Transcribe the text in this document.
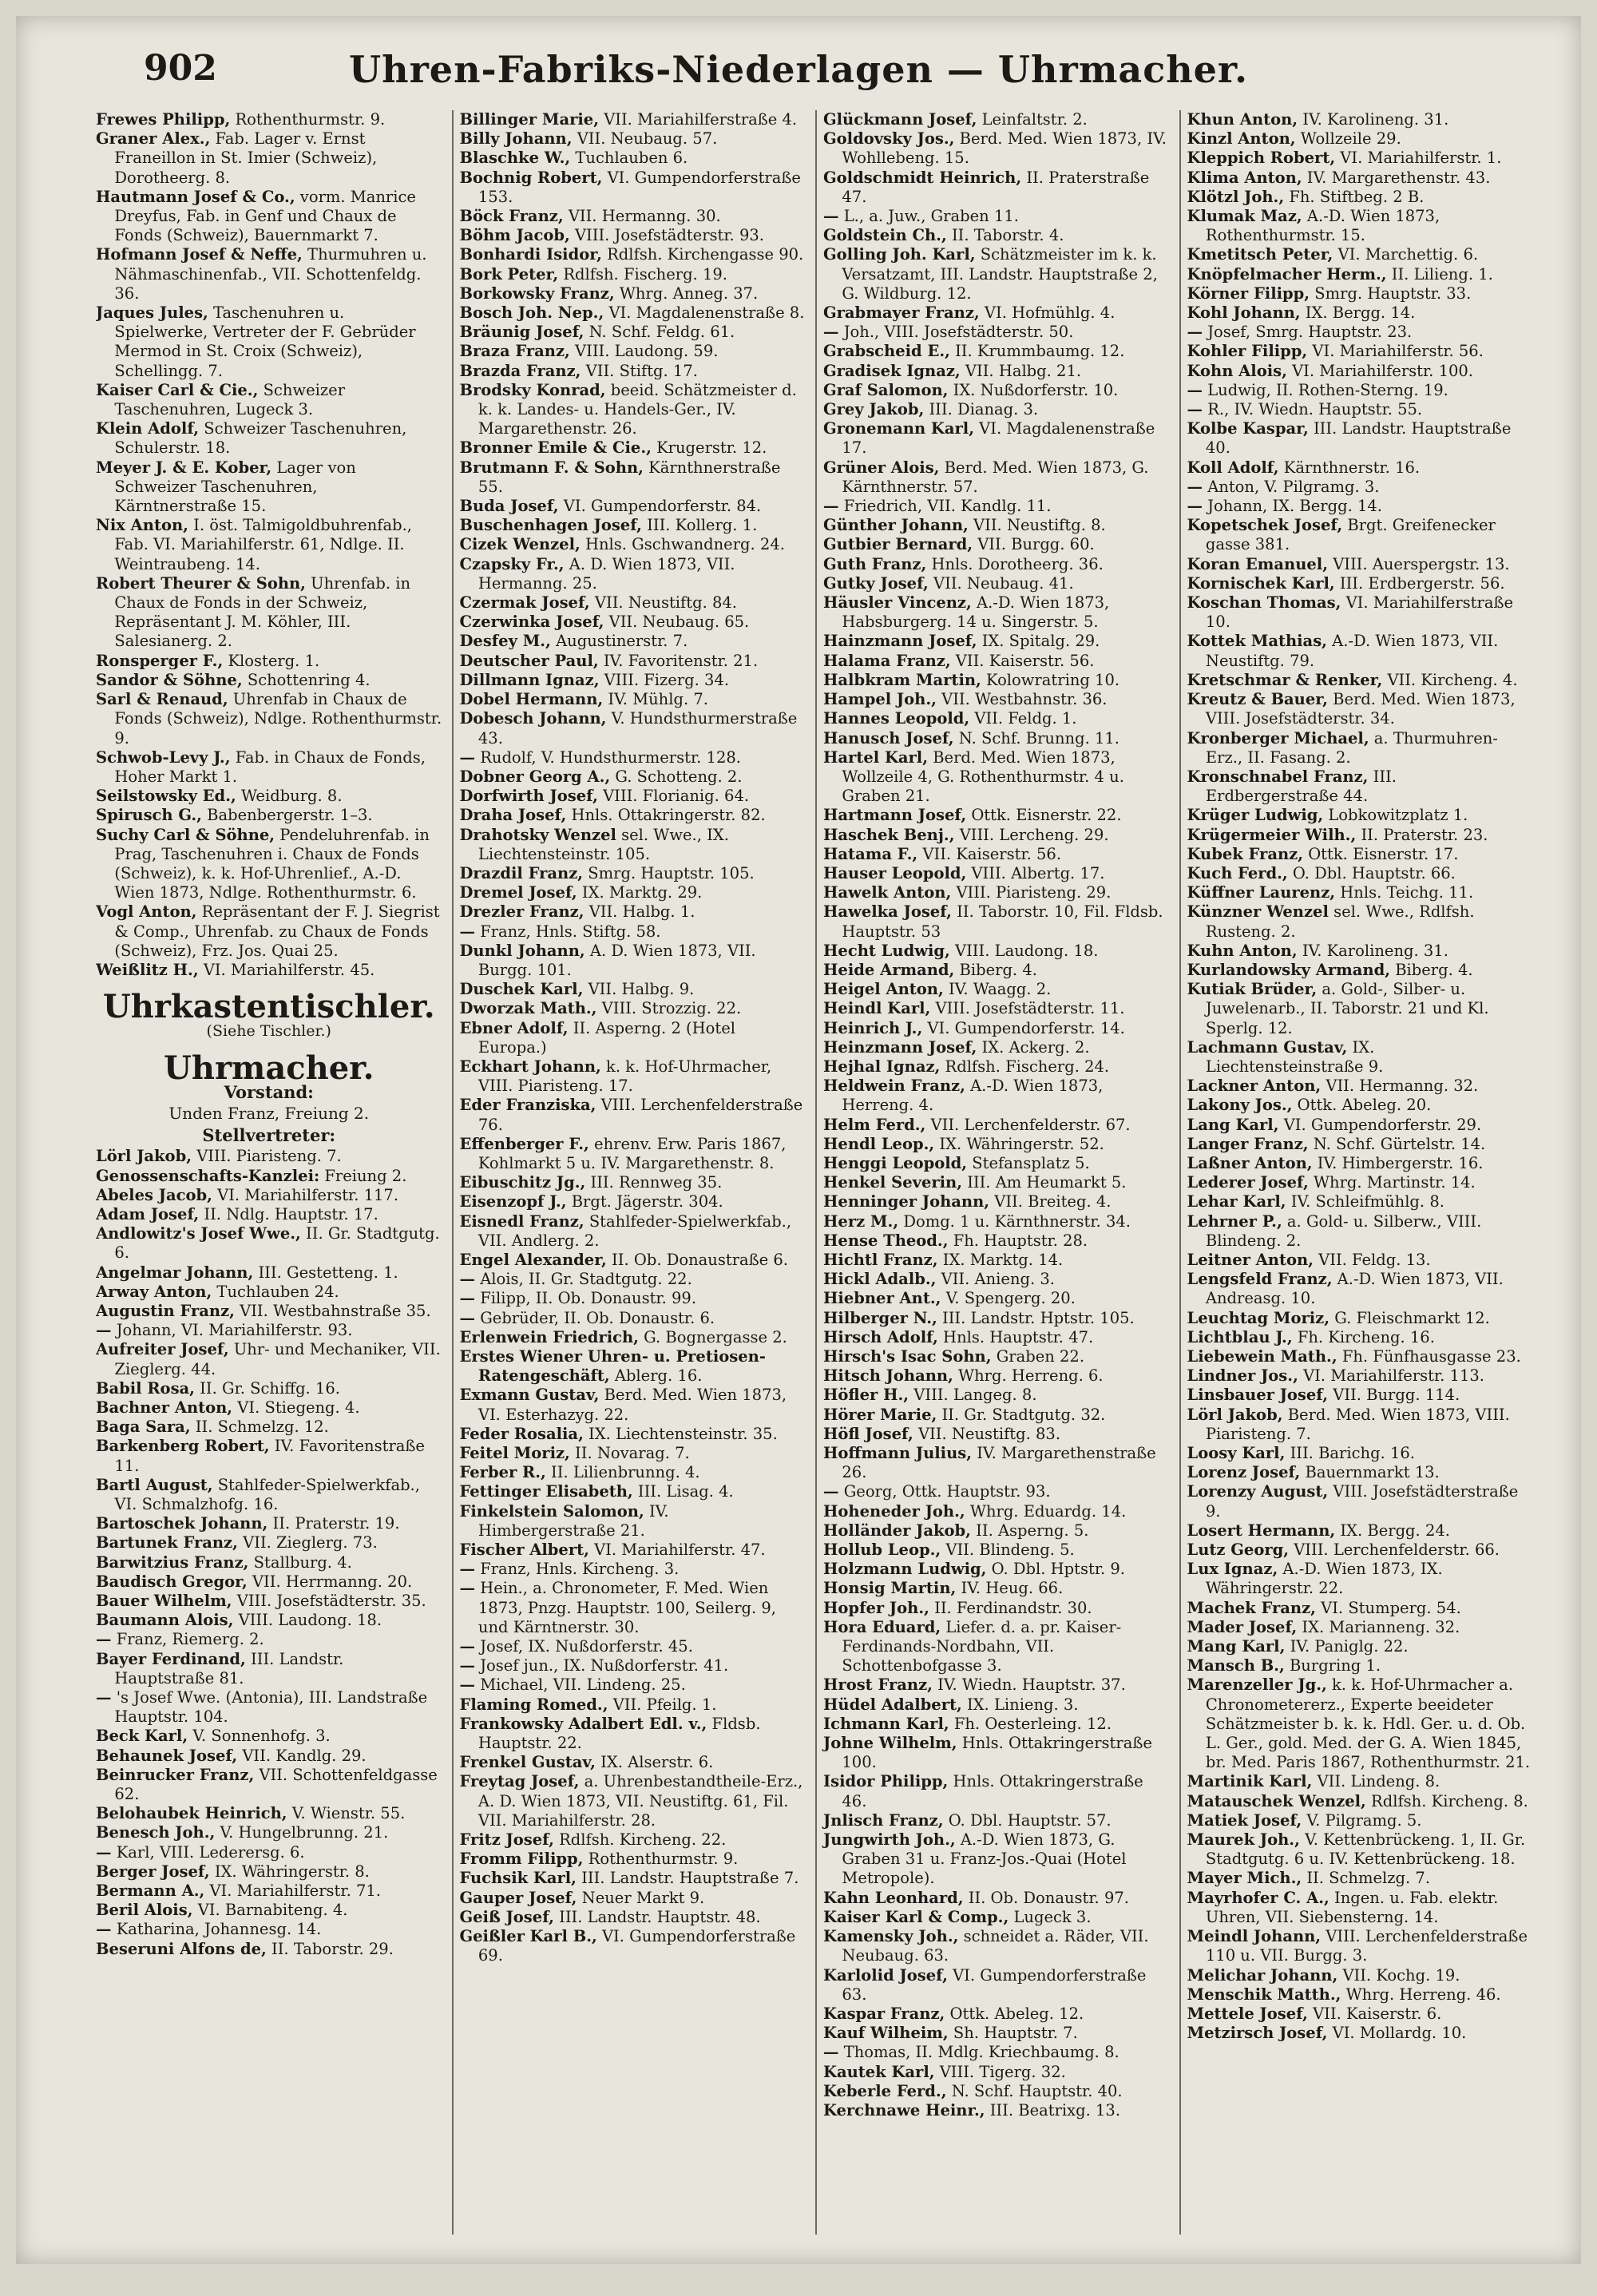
902	Uhren-Fabriks-Niederlagen — Uhrmacher.

Frewes Philipp, Rothenthurmstr. 9.

Graner Alex., Fab. Lager v. Ernst Franeillon in St. Imier (Schweiz), Dorotheerg. 8.

Hautmann Josef & Co., vorm. Manrice Dreyfus, Fab. in Genf und Chaux de Fonds (Schweiz), Bauernmarkt 7.

Hofmann Josef & Neffe, Thurmuhren u. Nähmaschinenfab., VII. Schottenfeldg. 36.

Jaques Jules, Taschenuhren u. Spielwerke, Vertreter der F. Gebrüder Mermod in St. Croix (Schweiz), Schellingg. 7.

Kaiser Carl & Cie., Schweizer Taschenuhren, Lugeck 3.

Klein Adolf, Schweizer Taschenuhren, Schulerstr. 18.

Meyer J. & E. Kober, Lager von Schweizer Taschenuhren, Kärntnerstraße 15.

Nix Anton, I. öst. Talmigoldbuhrenfab., Fab. VI. Mariahilferstr. 61, Ndlge. II. Weintraubeng. 14.

Robert Theurer & Sohn, Uhrenfab. in Chaux de Fonds in der Schweiz, Repräsentant J. M. Köhler, III. Salesianerg. 2.

Ronsperger F., Klosterg. 1.

Sandor & Söhne, Schottenring 4.

Sarl & Renaud, Uhrenfab in Chaux de Fonds (Schweiz), Ndlge. Rothenthurmstr. 9.

Schwob-Levy J., Fab. in Chaux de Fonds, Hoher Markt 1.

Seilstowsky Ed., Weidburg. 8.

Spirusch G., Babenbergerstr. 1–3.

Suchy Carl & Söhne, Pendeluhrenfab. in Prag, Taschenuhren i. Chaux de Fonds (Schweiz), k. k. Hof-Uhrenlief., A.-D. Wien 1873, Ndlge. Rothenthurmstr. 6.

Vogl Anton, Repräsentant der F. J. Siegrist & Comp., Uhrenfab. zu Chaux de Fonds (Schweiz), Frz. Jos. Quai 25.

Weißlitz H., VI. Mariahilferstr. 45.

Uhrkastentischler.
(Siehe Tischler.)
Uhrmacher.
Vorstand:
Unden Franz, Freiung 2.
Stellvertreter:

Lörl Jakob, VIII. Piaristeng. 7.

Genossenschafts-Kanzlei: Freiung 2.

Abeles Jacob, VI. Mariahilferstr. 117.

Adam Josef, II. Ndlg. Hauptstr. 17.

Andlowitz's Josef Wwe., II. Gr. Stadtgutg. 6.

Angelmar Johann, III. Gestetteng. 1.

Arway Anton, Tuchlauben 24.

Augustin Franz, VII. Westbahnstraße 35.

— Johann, VI. Mariahilferstr. 93.

Aufreiter Josef, Uhr- und Mechaniker, VII. Zieglerg. 44.

Babil Rosa, II. Gr. Schiffg. 16.

Bachner Anton, VI. Stiegeng. 4.

Baga Sara, II. Schmelzg. 12.

Barkenberg Robert, IV. Favoritenstraße 11.

Bartl August, Stahlfeder-Spielwerkfab., VI. Schmalzhofg. 16.

Bartoschek Johann, II. Praterstr. 19.

Bartunek Franz, VII. Zieglerg. 73.

Barwitzius Franz, Stallburg. 4.

Baudisch Gregor, VII. Herrmanng. 20.

Bauer Wilhelm, VIII. Josefstädterstr. 35.

Baumann Alois, VIII. Laudong. 18.

— Franz, Riemerg. 2.

Bayer Ferdinand, III. Landstr. Hauptstraße 81.

— 's Josef Wwe. (Antonia), III. Landstraße Hauptstr. 104.

Beck Karl, V. Sonnenhofg. 3.

Behaunek Josef, VII. Kandlg. 29.

Beinrucker Franz, VII. Schottenfeldgasse 62.

Belohaubek Heinrich, V. Wienstr. 55.

Benesch Joh., V. Hungelbrunng. 21.

— Karl, VIII. Lederersg. 6.

Berger Josef, IX. Währingerstr. 8.

Bermann A., VI. Mariahilferstr. 71.

Beril Alois, VI. Barnabiteng. 4.

— Katharina, Johannesg. 14.

Beseruni Alfons de, II. Taborstr. 29.

Billinger Marie, VII. Mariahilferstraße 4.

Billy Johann, VII. Neubaug. 57.

Blaschke W., Tuchlauben 6.

Bochnig Robert, VI. Gumpendorferstraße 153.

Böck Franz, VII. Hermanng. 30.

Böhm Jacob, VIII. Josefstädterstr. 93.

Bonhardi Isidor, Rdlfsh. Kirchengasse 90.

Bork Peter, Rdlfsh. Fischerg. 19.

Borkowsky Franz, Whrg. Anneg. 37.

Bosch Joh. Nep., VI. Magdalenenstraße 8.

Bräunig Josef, N. Schf. Feldg. 61.

Braza Franz, VIII. Laudong. 59.

Brazda Franz, VII. Stiftg. 17.

Brodsky Konrad, beeid. Schätzmeister d. k. k. Landes- u. Handels-Ger., IV. Margarethenstr. 26.

Bronner Emile & Cie., Krugerstr. 12.

Brutmann F. & Sohn, Kärnthnerstraße 55.

Buda Josef, VI. Gumpendorferstr. 84.

Buschenhagen Josef, III. Kollerg. 1.

Cizek Wenzel, Hnls. Gschwandnerg. 24.

Czapsky Fr., A. D. Wien 1873, VII. Hermanng. 25.

Czermak Josef, VII. Neustiftg. 84.

Czerwinka Josef, VII. Neubaug. 65.

Desfey M., Augustinerstr. 7.

Deutscher Paul, IV. Favoritenstr. 21.

Dillmann Ignaz, VIII. Fizerg. 34.

Dobel Hermann, IV. Mühlg. 7.

Dobesch Johann, V. Hundsthurmerstraße 43.

— Rudolf, V. Hundsthurmerstr. 128.

Dobner Georg A., G. Schotteng. 2.

Dorfwirth Josef, VIII. Florianig. 64.

Draha Josef, Hnls. Ottakringerstr. 82.

Drahotsky Wenzel sel. Wwe., IX. Liechtensteinstr. 105.

Drazdil Franz, Smrg. Hauptstr. 105.

Dremel Josef, IX. Marktg. 29.

Drezler Franz, VII. Halbg. 1.

— Franz, Hnls. Stiftg. 58.

Dunkl Johann, A. D. Wien 1873, VII. Burgg. 101.

Duschek Karl, VII. Halbg. 9.

Dworzak Math., VIII. Strozzig. 22.

Ebner Adolf, II. Asperng. 2 (Hotel Europa.)

Eckhart Johann, k. k. Hof-Uhrmacher, VIII. Piaristeng. 17.

Eder Franziska, VIII. Lerchenfelderstraße 76.

Effenberger F., ehrenv. Erw. Paris 1867, Kohlmarkt 5 u. IV. Margarethenstr. 8.

Eibuschitz Jg., III. Rennweg 35.

Eisenzopf J., Brgt. Jägerstr. 304.

Eisnedl Franz, Stahlfeder-Spielwerkfab., VII. Andlerg. 2.

Engel Alexander, II. Ob. Donaustraße 6.

— Alois, II. Gr. Stadtgutg. 22.

— Filipp, II. Ob. Donaustr. 99.

— Gebrüder, II. Ob. Donaustr. 6.

Erlenwein Friedrich, G. Bognergasse 2.

Erstes Wiener Uhren- u. Pretiosen-Ratengeschäft, Ablerg. 16.

Exmann Gustav, Berd. Med. Wien 1873, VI. Esterhazyg. 22.

Feder Rosalia, IX. Liechtensteinstr. 35.

Feitel Moriz, II. Novarag. 7.

Ferber R., II. Lilienbrunng. 4.

Fettinger Elisabeth, III. Lisag. 4.

Finkelstein Salomon, IV. Himbergerstraße 21.

Fischer Albert, VI. Mariahilferstr. 47.

— Franz, Hnls. Kircheng. 3.

— Hein., a. Chronometer, F. Med. Wien 1873, Pnzg. Hauptstr. 100, Seilerg. 9, und Kärntnerstr. 30.

— Josef, IX. Nußdorferstr. 45.

— Josef jun., IX. Nußdorferstr. 41.

— Michael, VII. Lindeng. 25.

Flaming Romed., VII. Pfeilg. 1.

Frankowsky Adalbert Edl. v., Fldsb. Hauptstr. 22.

Frenkel Gustav, IX. Alserstr. 6.

Freytag Josef, a. Uhrenbestandtheile-Erz., A. D. Wien 1873, VII. Neustiftg. 61, Fil. VII. Mariahilferstr. 28.

Fritz Josef, Rdlfsh. Kircheng. 22.

Fromm Filipp, Rothenthurmstr. 9.

Fuchsik Karl, III. Landstr. Hauptstraße 7.

Gauper Josef, Neuer Markt 9.

Geiß Josef, III. Landstr. Hauptstr. 48.

Geißler Karl B., VI. Gumpendorferstraße 69.

Glückmann Josef, Leinfaltstr. 2.

Goldovsky Jos., Berd. Med. Wien 1873, IV. Wohllebeng. 15.

Goldschmidt Heinrich, II. Praterstraße 47.

— L., a. Juw., Graben 11.

Goldstein Ch., II. Taborstr. 4.

Golling Joh. Karl, Schätzmeister im k. k. Versatzamt, III. Landstr. Hauptstraße 2, G. Wildburg. 12.

Grabmayer Franz, VI. Hofmühlg. 4.

— Joh., VIII. Josefstädterstr. 50.

Grabscheid E., II. Krummbaumg. 12.

Gradisek Ignaz, VII. Halbg. 21.

Graf Salomon, IX. Nußdorferstr. 10.

Grey Jakob, III. Dianag. 3.

Gronemann Karl, VI. Magdalenenstraße 17.

Grüner Alois, Berd. Med. Wien 1873, G. Kärnthnerstr. 57.

— Friedrich, VII. Kandlg. 11.

Günther Johann, VII. Neustiftg. 8.

Gutbier Bernard, VII. Burgg. 60.

Guth Franz, Hnls. Dorotheerg. 36.

Gutky Josef, VII. Neubaug. 41.

Häusler Vincenz, A.-D. Wien 1873, Habsburgerg. 14 u. Singerstr. 5.

Hainzmann Josef, IX. Spitalg. 29.

Halama Franz, VII. Kaiserstr. 56.

Halbkram Martin, Kolowratring 10.

Hampel Joh., VII. Westbahnstr. 36.

Hannes Leopold, VII. Feldg. 1.

Hanusch Josef, N. Schf. Brunng. 11.

Hartel Karl, Berd. Med. Wien 1873, Wollzeile 4, G. Rothenthurmstr. 4 u. Graben 21.

Hartmann Josef, Ottk. Eisnerstr. 22.

Haschek Benj., VIII. Lercheng. 29.

Hatama F., VII. Kaiserstr. 56.

Hauser Leopold, VIII. Albertg. 17.

Hawelk Anton, VIII. Piaristeng. 29.

Hawelka Josef, II. Taborstr. 10, Fil. Fldsb. Hauptstr. 53

Hecht Ludwig, VIII. Laudong. 18.

Heide Armand, Biberg. 4.

Heigel Anton, IV. Waagg. 2.

Heindl Karl, VIII. Josefstädterstr. 11.

Heinrich J., VI. Gumpendorferstr. 14.

Heinzmann Josef, IX. Ackerg. 2.

Hejhal Ignaz, Rdlfsh. Fischerg. 24.

Heldwein Franz, A.-D. Wien 1873, Herreng. 4.

Helm Ferd., VII. Lerchenfelderstr. 67.

Hendl Leop., IX. Währingerstr. 52.

Henggi Leopold, Stefansplatz 5.

Henkel Severin, III. Am Heumarkt 5.

Henninger Johann, VII. Breiteg. 4.

Herz M., Domg. 1 u. Kärnthnerstr. 34.

Hense Theod., Fh. Hauptstr. 28.

Hichtl Franz, IX. Marktg. 14.

Hickl Adalb., VII. Anieng. 3.

Hiebner Ant., V. Spengerg. 20.

Hilberger N., III. Landstr. Hptstr. 105.

Hirsch Adolf, Hnls. Hauptstr. 47.

Hirsch's Isac Sohn, Graben 22.

Hitsch Johann, Whrg. Herreng. 6.

Höfler H., VIII. Langeg. 8.

Hörer Marie, II. Gr. Stadtgutg. 32.

Höfl Josef, VII. Neustiftg. 83.

Hoffmann Julius, IV. Margarethenstraße 26.

— Georg, Ottk. Hauptstr. 93.

Hoheneder Joh., Whrg. Eduardg. 14.

Holländer Jakob, II. Asperng. 5.

Hollub Leop., VII. Blindeng. 5.

Holzmann Ludwig, O. Dbl. Hptstr. 9.

Honsig Martin, IV. Heug. 66.

Hopfer Joh., II. Ferdinandstr. 30.

Hora Eduard, Liefer. d. a. pr. Kaiser-Ferdinands-Nordbahn, VII. Schottenbofgasse 3.

Hrost Franz, IV. Wiedn. Hauptstr. 37.

Hüdel Adalbert, IX. Linieng. 3.

Ichmann Karl, Fh. Oesterleing. 12.

Johne Wilhelm, Hnls. Ottakringerstraße 100.

Isidor Philipp, Hnls. Ottakringerstraße 46.

Jnlisch Franz, O. Dbl. Hauptstr. 57.

Jungwirth Joh., A.-D. Wien 1873, G. Graben 31 u. Franz-Jos.-Quai (Hotel Metropole).

Kahn Leonhard, II. Ob. Donaustr. 97.

Kaiser Karl & Comp., Lugeck 3.

Kamensky Joh., schneidet a. Räder, VII. Neubaug. 63.

Karlolid Josef, VI. Gumpendorferstraße 63.

Kaspar Franz, Ottk. Abeleg. 12.

Kauf Wilheim, Sh. Hauptstr. 7.

— Thomas, II. Mdlg. Kriechbaumg. 8.

Kautek Karl, VIII. Tigerg. 32.

Keberle Ferd., N. Schf. Hauptstr. 40.

Kerchnawe Heinr., III. Beatrixg. 13.

Khun Anton, IV. Karolineng. 31.

Kinzl Anton, Wollzeile 29.

Kleppich Robert, VI. Mariahilferstr. 1.

Klima Anton, IV. Margarethenstr. 43.

Klötzl Joh., Fh. Stiftbeg. 2 B.

Klumak Maz, A.-D. Wien 1873, Rothenthurmstr. 15.

Kmetitsch Peter, VI. Marchettig. 6.

Knöpfelmacher Herm., II. Lilieng. 1.

Körner Filipp, Smrg. Hauptstr. 33.

Kohl Johann, IX. Bergg. 14.

— Josef, Smrg. Hauptstr. 23.

Kohler Filipp, VI. Mariahilferstr. 56.

Kohn Alois, VI. Mariahilferstr. 100.

— Ludwig, II. Rothen-Sterng. 19.

— R., IV. Wiedn. Hauptstr. 55.

Kolbe Kaspar, III. Landstr. Hauptstraße 40.

Koll Adolf, Kärnthnerstr. 16.

— Anton, V. Pilgramg. 3.

— Johann, IX. Bergg. 14.

Kopetschek Josef, Brgt. Greifenecker gasse 381.

Koran Emanuel, VIII. Auerspergstr. 13.

Kornischek Karl, III. Erdbergerstr. 56.

Koschan Thomas, VI. Mariahilferstraße 10.

Kottek Mathias, A.-D. Wien 1873, VII. Neustiftg. 79.

Kretschmar & Renker, VII. Kircheng. 4.

Kreutz & Bauer, Berd. Med. Wien 1873, VIII. Josefstädterstr. 34.

Kronberger Michael, a. Thurmuhren-Erz., II. Fasang. 2.

Kronschnabel Franz, III. Erdbergerstraße 44.

Krüger Ludwig, Lobkowitzplatz 1.

Krügermeier Wilh., II. Praterstr. 23.

Kubek Franz, Ottk. Eisnerstr. 17.

Kuch Ferd., O. Dbl. Hauptstr. 66.

Küffner Laurenz, Hnls. Teichg. 11.

Künzner Wenzel sel. Wwe., Rdlfsh. Rusteng. 2.

Kuhn Anton, IV. Karolineng. 31.

Kurlandowsky Armand, Biberg. 4.

Kutiak Brüder, a. Gold-, Silber- u. Juwelenarb., II. Taborstr. 21 und Kl. Sperlg. 12.

Lachmann Gustav, IX. Liechtensteinstraße 9.

Lackner Anton, VII. Hermanng. 32.

Lakony Jos., Ottk. Abeleg. 20.

Lang Karl, VI. Gumpendorferstr. 29.

Langer Franz, N. Schf. Gürtelstr. 14.

Laßner Anton, IV. Himbergerstr. 16.

Lederer Josef, Whrg. Martinstr. 14.

Lehar Karl, IV. Schleifmühlg. 8.

Lehrner P., a. Gold- u. Silberw., VIII. Blindeng. 2.

Leitner Anton, VII. Feldg. 13.

Lengsfeld Franz, A.-D. Wien 1873, VII. Andreasg. 10.

Leuchtag Moriz, G. Fleischmarkt 12.

Lichtblau J., Fh. Kircheng. 16.

Liebewein Math., Fh. Fünfhausgasse 23.

Lindner Jos., VI. Mariahilferstr. 113.

Linsbauer Josef, VII. Burgg. 114.

Lörl Jakob, Berd. Med. Wien 1873, VIII. Piaristeng. 7.

Loosy Karl, III. Barichg. 16.

Lorenz Josef, Bauernmarkt 13.

Lorenzy August, VIII. Josefstädterstraße 9.

Losert Hermann, IX. Bergg. 24.

Lutz Georg, VIII. Lerchenfelderstr. 66.

Lux Ignaz, A.-D. Wien 1873, IX. Währingerstr. 22.

Machek Franz, VI. Stumperg. 54.

Mader Josef, IX. Marianneng. 32.

Mang Karl, IV. Paniglg. 22.

Mansch B., Burgring 1.

Marenzeller Jg., k. k. Hof-Uhrmacher a. Chronometererz., Experte beeideter Schätzmeister b. k. k. Hdl. Ger. u. d. Ob. L. Ger., gold. Med. der G. A. Wien 1845, br. Med. Paris 1867, Rothenthurmstr. 21.

Martinik Karl, VII. Lindeng. 8.

Matauschek Wenzel, Rdlfsh. Kircheng. 8.

Matiek Josef, V. Pilgramg. 5.

Maurek Joh., V. Kettenbrückeng. 1, II. Gr. Stadtgutg. 6 u. IV. Kettenbrückeng. 18.

Mayer Mich., II. Schmelzg. 7.

Mayrhofer C. A., Ingen. u. Fab. elektr. Uhren, VII. Siebensterng. 14.

Meindl Johann, VIII. Lerchenfelderstraße 110 u. VII. Burgg. 3.

Melichar Johann, VII. Kochg. 19.

Menschik Matth., Whrg. Herreng. 46.

Mettele Josef, VII. Kaiserstr. 6.

Metzirsch Josef, VI. Mollardg. 10.
